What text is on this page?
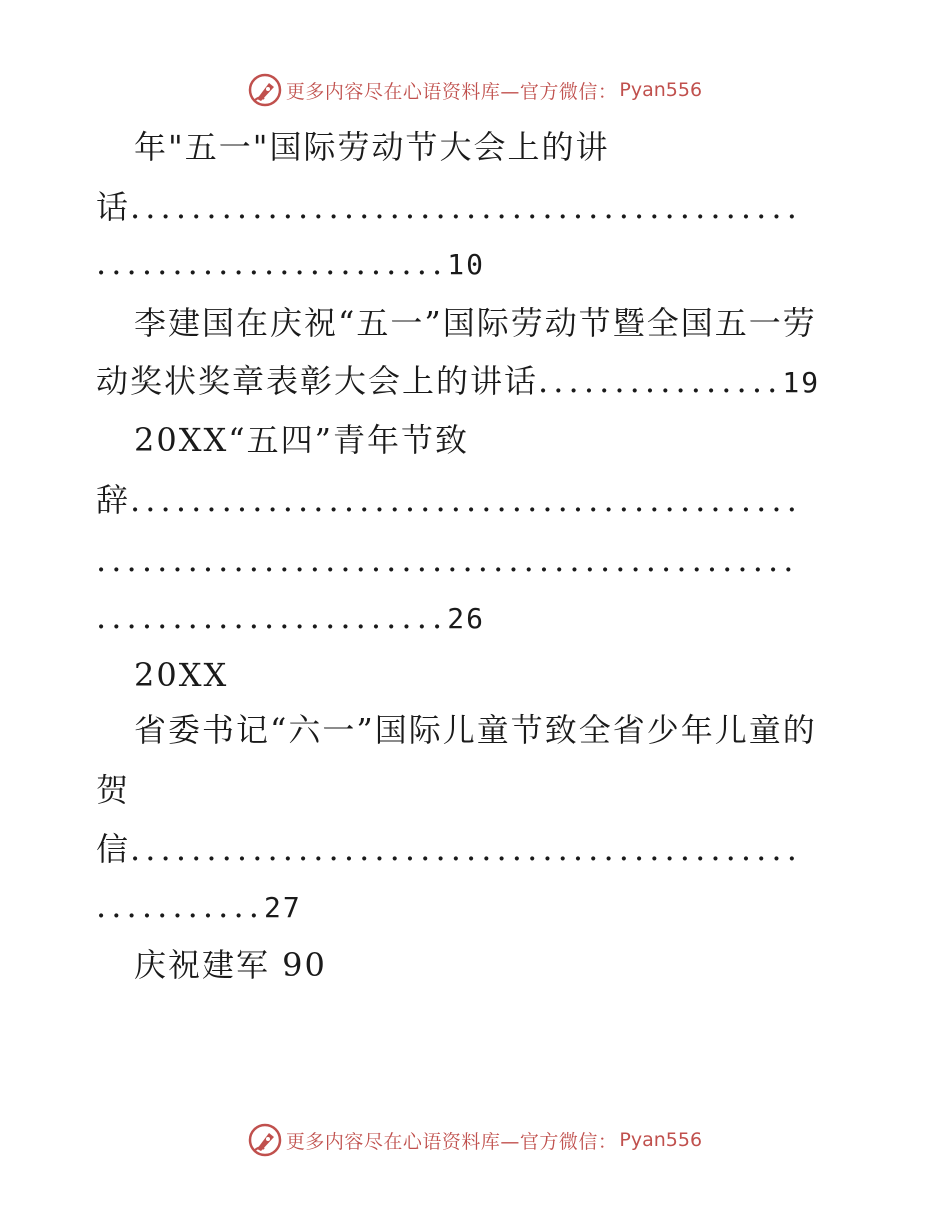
更多内容尽在心语资料库—官方微信： Pyan556
年"五一"国际劳动节大会上的讲
话............................................
.......................10
李建国在庆祝“五一”国际劳动节暨全国五一劳
动奖状奖章表彰大会上的讲话................19
20XX“五四”青年节致
辞............................................
..............................................
.......................26
20XX
省委书记“六一”国际儿童节致全省少年儿童的
贺
信............................................
...........27
庆祝建军 90
更多内容尽在心语资料库—官方微信： Pyan556
